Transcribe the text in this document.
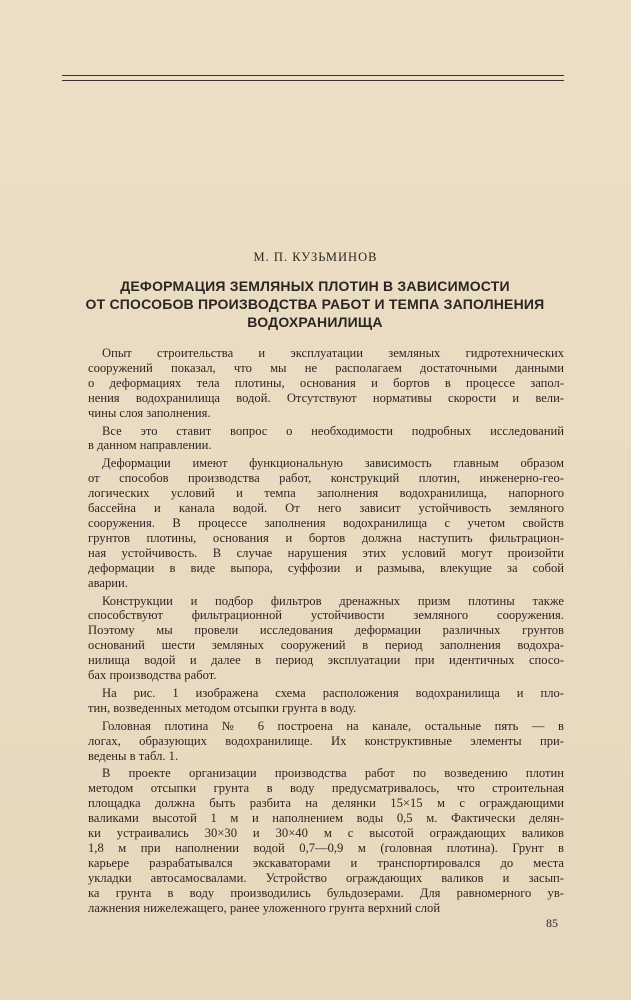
М. П. КУЗЬМИНОВ
ДЕФОРМАЦИЯ ЗЕМЛЯНЫХ ПЛОТИН В ЗАВИСИМОСТИ
ОТ СПОСОБОВ ПРОИЗВОДСТВА РАБОТ И ТЕМПА ЗАПОЛНЕНИЯ
ВОДОХРАНИЛИЩА
Опыт строительства и эксплуатации земляных гидротехнических
сооружений показал, что мы не располагаем достаточными данными
о деформациях тела плотины, основания и бортов в процессе запол-
нения водохранилища водой. Отсутствуют нормативы скорости и вели-
чины слоя заполнения.
Все это ставит вопрос о необходимости подробных исследований
в данном направлении.
Деформации имеют функциональную зависимость главным образом
от способов производства работ, конструкций плотин, инженерно-гео-
логических условий и темпа заполнения водохранилища, напорного
бассейна и канала водой. От него зависит устойчивость земляного
сооружения. В процессе заполнения водохранилища с учетом свойств
грунтов плотины, основания и бортов должна наступить фильтрацион-
ная устойчивость. В случае нарушения этих условий могут произойти
деформации в виде выпора, суффозии и размыва, влекущие за собой
аварии.
Конструкции и подбор фильтров дренажных призм плотины также
способствуют фильтрационной устойчивости земляного сооружения.
Поэтому мы провели исследования деформации различных грунтов
оснований шести земляных сооружений в период заполнения водохра-
нилища водой и далее в период эксплуатации при идентичных спосо-
бах производства работ.
На рис. 1 изображена схема расположения водохранилища и пло-
тин, возведенных методом отсыпки грунта в воду.
Головная плотина № 6 построена на канале, остальные пять — в
логах, образующих водохранилище. Их конструктивные элементы при-
ведены в табл. 1.
В проекте организации производства работ по возведению плотин
методом отсыпки грунта в воду предусматривалось, что строительная
площадка должна быть разбита на делянки 15×15 м с ограждающими
валиками высотой 1 м и наполнением воды 0,5 м. Фактически делян-
ки устраивались 30×30 и 30×40 м с высотой ограждающих валиков
1,8 м при наполнении водой 0,7—0,9 м (головная плотина). Грунт в
карьере разрабатывался экскаваторами и транспортировался до места
укладки автосамосвалами. Устройство ограждающих валиков и засып-
ка грунта в воду производились бульдозерами. Для равномерного ув-
лажнения нижележащего, ранее уложенного грунта верхний слой
85
